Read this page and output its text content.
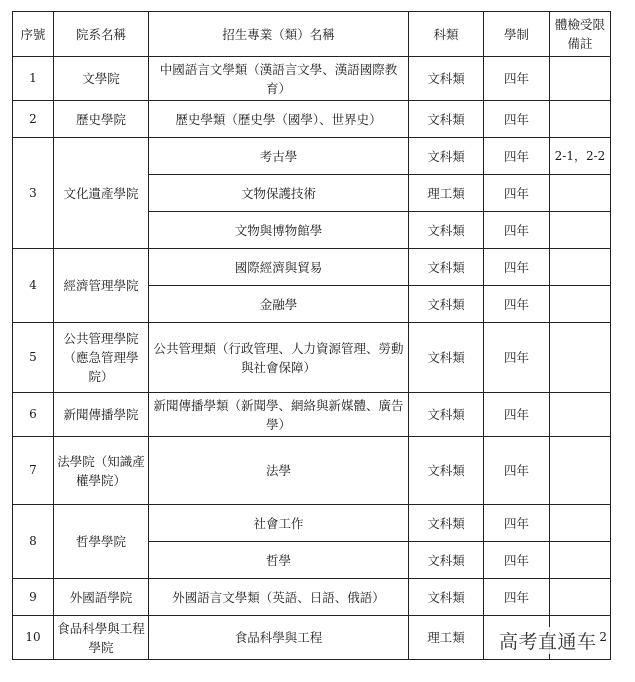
序號	院系名稱	招生專業（類）名稱	科類	學制	體檢受限備註
1	文學院	中國語言文學類（漢語言文學、漢語國際教育）	文科類	四年	
2	歷史學院	歷史學類（歷史學（國學）、世界史）	文科類	四年	
3	文化遺產學院	考古學	文科類	四年	2-1，2-2
		文物保護技術	理工類	四年	
		文物與博物館學	文科類	四年	
4	經濟管理學院	國際經濟與貿易	文科類	四年	
		金融學	文科類	四年	
5	公共管理學院（應急管理學院）	公共管理類（行政管理、人力資源管理、勞動與社會保障）	文科類	四年	
6	新聞傳播學院	新聞傳播學類（新聞學、網絡與新媒體、廣告學）	文科類	四年	
7	法學院（知識產權學院）	法學	文科類	四年	
8	哲學學院	社會工作	文科類	四年	
		哲學	文科類	四年	
9	外國語學院	外國語言文學類（英語、日語、俄語）	文科類	四年	
10	食品科學與工程學院	食品科學與工程	理工類		2
高考直通车
